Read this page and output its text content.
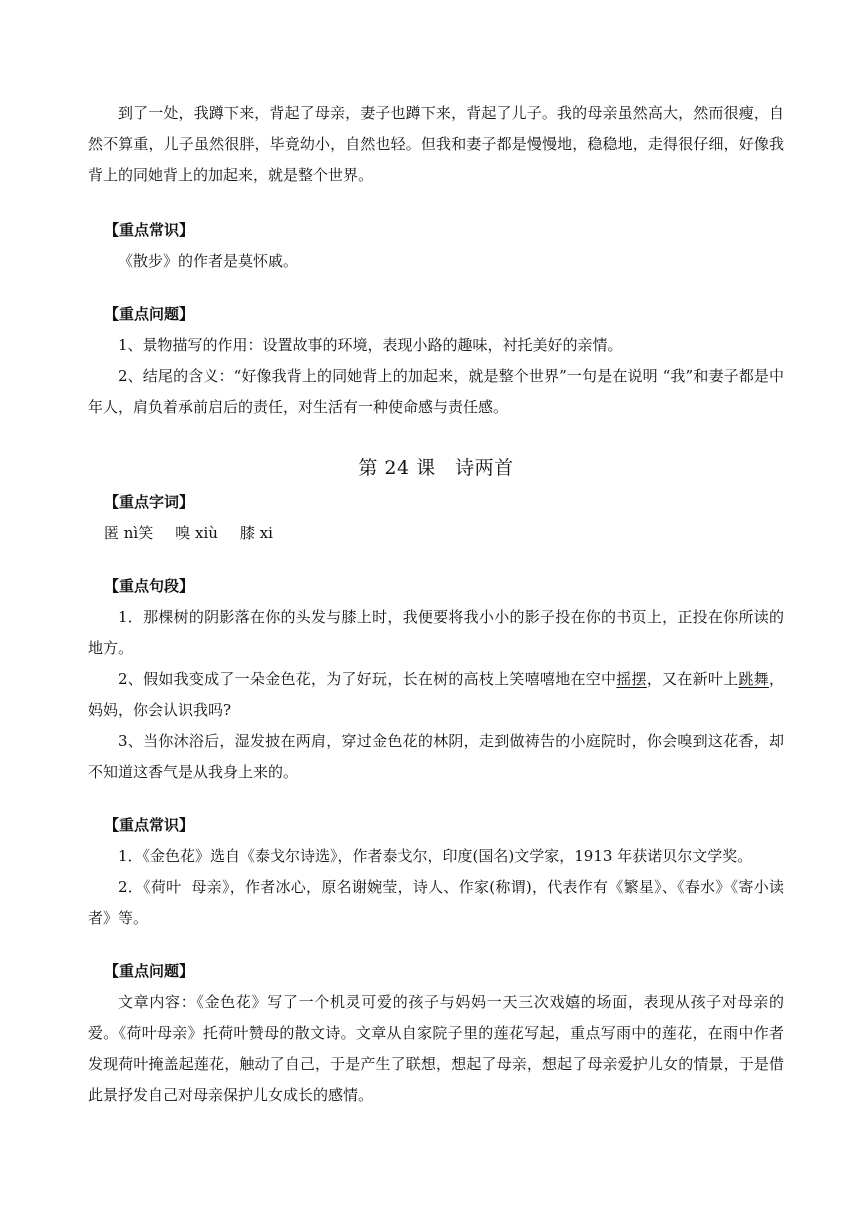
到了一处，我蹲下来，背起了母亲，妻子也蹲下来，背起了儿子。我的母亲虽然高大，然而很瘦，自然不算重，儿子虽然很胖，毕竟幼小，自然也轻。但我和妻子都是慢慢地，稳稳地，走得很仔细，好像我背上的同她背上的加起来，就是整个世界。

【重点常识】

《散步》的作者是莫怀戚。

【重点问题】

1、景物描写的作用：设置故事的环境，表现小路的趣味，衬托美好的亲情。

2、结尾的含义：“好像我背上的同她背上的加起来，就是整个世界”一句是在说明 “我”和妻子都是中年人，肩负着承前启后的责任，对生活有一种使命感与责任感。

第 24 课   诗两首

【重点字词】

匿 nì笑 嗅 xiù 膝 xi

【重点句段】

1．那棵树的阴影落在你的头发与膝上时，我便要将我小小的影子投在你的书页上，正投在你所读的地方。

2、假如我变成了一朵金色花，为了好玩，长在树的高枝上笑嘻嘻地在空中摇摆，又在新叶上跳舞，妈妈，你会认识我吗?

3、当你沐浴后，湿发披在两肩，穿过金色花的林阴，走到做祷告的小庭院时，你会嗅到这花香，却不知道这香气是从我身上来的。

【重点常识】

1．《金色花》选自《泰戈尔诗选》，作者泰戈尔，印度(国名)文学家，1913 年获诺贝尔文学奖。

2．《荷叶  母亲》，作者冰心，原名谢婉莹，诗人、作家(称谓)，代表作有《繁星》、《春水》《寄小读者》等。

【重点问题】

文章内容：《金色花》写了一个机灵可爱的孩子与妈妈一天三次戏嬉的场面，表现从孩子对母亲的爱。《荷叶母亲》托荷叶赞母的散文诗。文章从自家院子里的莲花写起，重点写雨中的莲花，在雨中作者发现荷叶掩盖起莲花，触动了自己，于是产生了联想，想起了母亲，想起了母亲爱护儿女的情景，于是借此景抒发自己对母亲保护儿女成长的感情。
